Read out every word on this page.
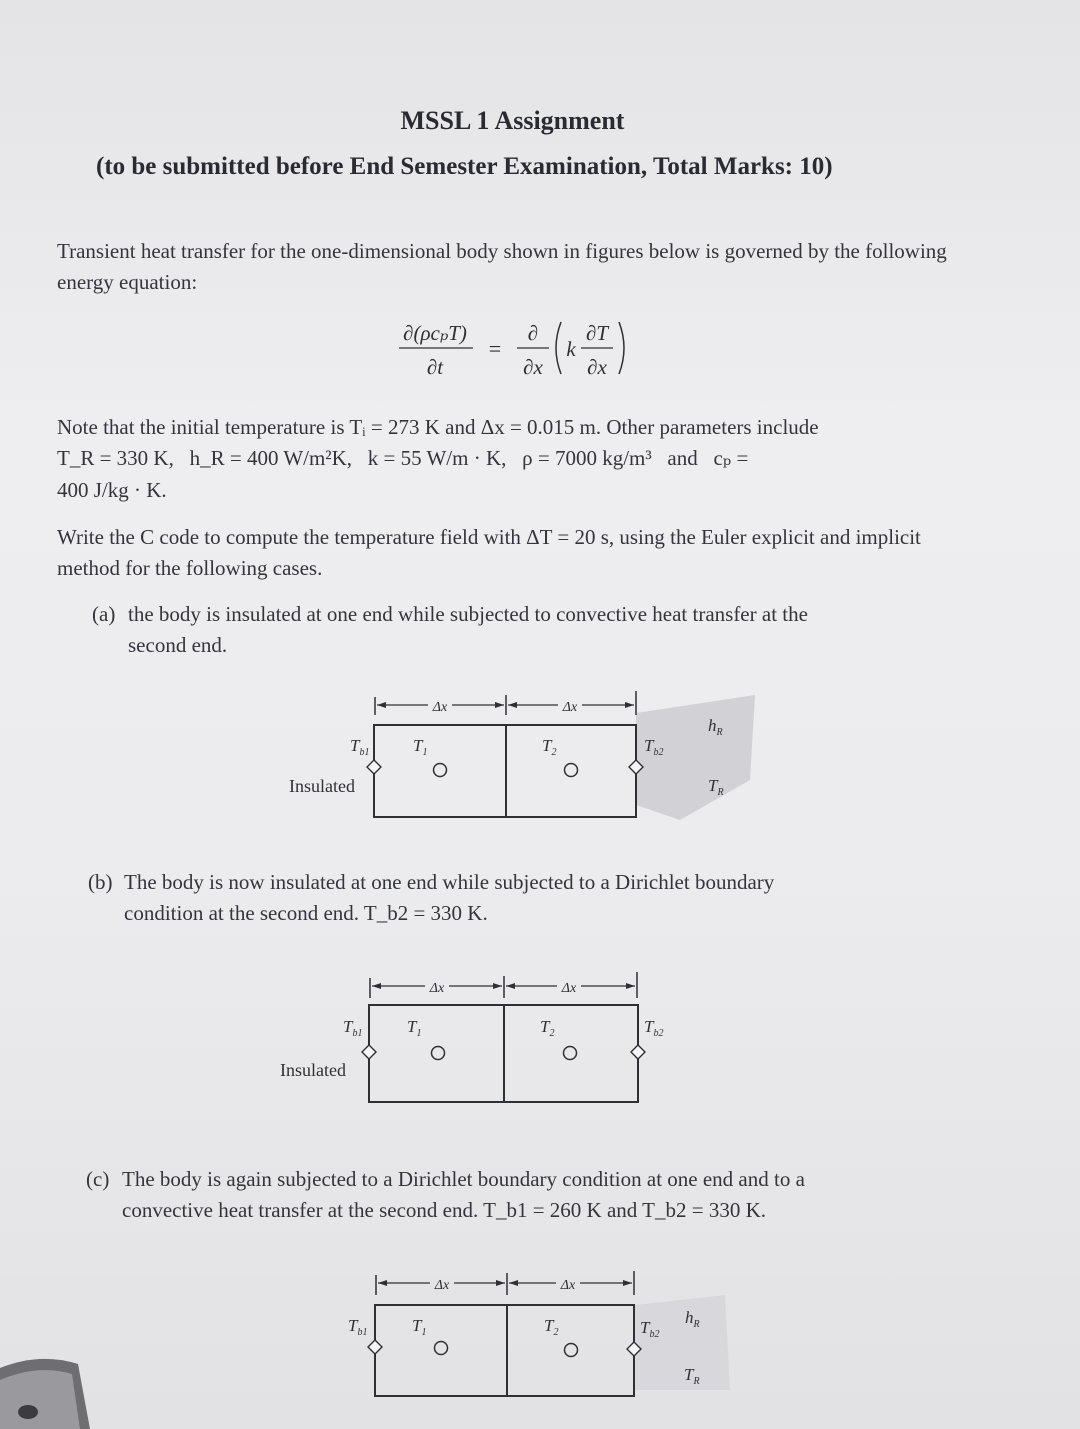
MSSL 1 Assignment
(to be submitted before End Semester Examination, Total Marks: 10)
Transient heat transfer for the one-dimensional body shown in figures below is governed by the following energy equation:
∂(ρcₚT)
∂t
=
∂
∂x
k
∂T
∂x
Note that the initial temperature is Tᵢ = 273 K and Δx = 0.015 m. Other parameters include
T_R = 330 K,   h_R = 400 W/m²K,   k = 55 W/m · K,   ρ = 7000 kg/m³   and   cₚ =
400 J/kg · K.
Write the C code to compute the temperature field with ΔT = 20 s, using the Euler explicit and implicit method for the following cases.
(a) the body is insulated at one end while subjected to convective heat transfer at the
second end.
Δx	Δx
$T_{b1}$	$T_1$	$T_2$	$T_{b2}$
$h_R$
$T_R$
Insulated
(b) The body is now insulated at one end while subjected to a Dirichlet boundary
condition at the second end. T_b2 = 330 K.
Δx	Δx
$T_{b1}$	$T_1$	$T_2$	$T_{b2}$
Insulated
(c) The body is again subjected to a Dirichlet boundary condition at one end and to a
convective heat transfer at the second end. T_b1 = 260 K and T_b2 = 330 K.
Δx	Δx
$T_{b1}$	$T_1$	$T_2$	$T_{b2}$
$h_R$
$T_R$
